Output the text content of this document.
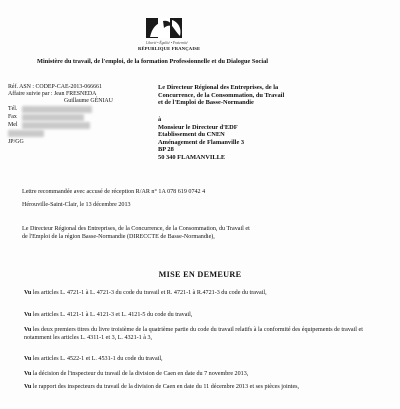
Liberté • Égalité • Fraternité
RÉPUBLIQUE FRANÇAISE
Ministère du travail, de l'emploi, de la formation Professionnelle et du Dialogue Social
Réf. ASN : CODEP-CAE-2013-066661
Affaire suivie par : Jean FRESNEDA
Guillaume GÉNIAU
Tél.
Fax
Mel
JP/GG
Le Directeur Régional des Entreprises, de la
Concurrence, de la Consommation, du Travail
et de l'Emploi de Basse-Normandie
à
Monsieur le Directeur d'EDF
Etablissement du CNEN
Aménagement de Flamanville 3
BP 28
50 340 FLAMANVILLE
Lettre recommandée avec accusé de réception R/AR n° 1A 078 619 0742 4
Hérouville-Saint-Clair, le 13 décembre 2013
Le Directeur Régional des Entreprises, de la Concurrence, de la Consommation, du Travail et
de l'Emploi de la région Basse-Normandie (DIRECCTE de Basse-Normandie),
MISE EN DEMEURE
Vu les articles L. 4721-1 à L. 4721-3 du code du travail et R. 4721-1 à R.4721-3 du code du travail,
Vu les articles L. 4121-1 à L. 4121-3 et L. 4121-5 du code du travail,
Vu les deux premiers titres du livre troisième de la quatrième partie du code du travail relatifs à la conformité des équipements de travail et notamment les articles L. 4311-1 et 3, L. 4321-1 à 3,
Vu les articles L. 4522-1 et L. 4531-1 du code du travail,
Vu la décision de l'inspecteur du travail de la division de Caen en date du 7 novembre 2013,
Vu le rapport des inspecteurs du travail de la division de Caen en date du 11 décembre 2013 et ses pièces jointes,
